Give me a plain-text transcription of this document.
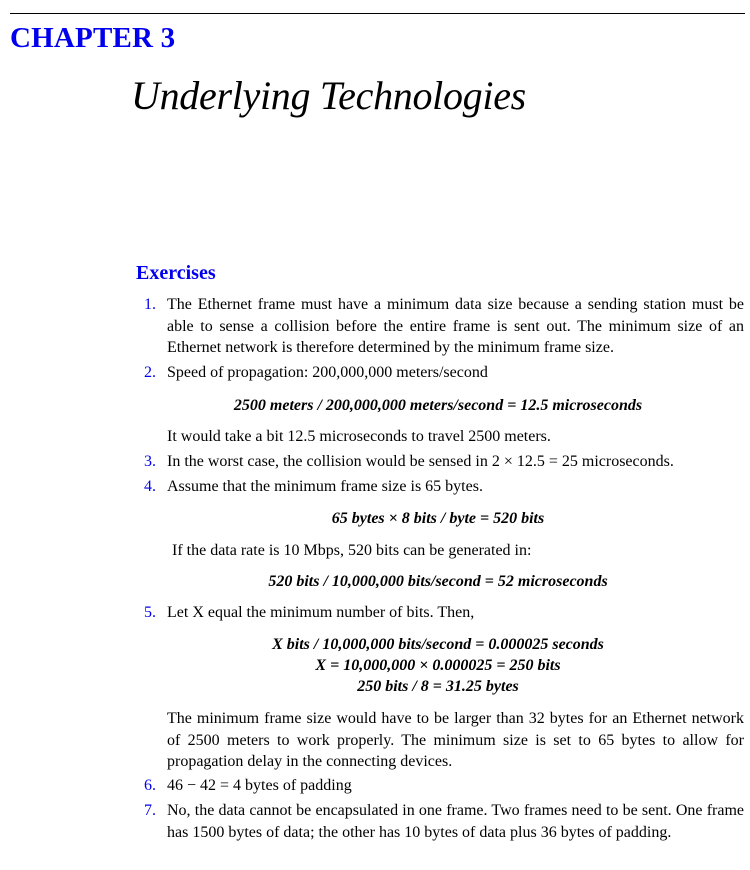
CHAPTER 3
Underlying Technologies
Exercises
1. The Ethernet frame must have a minimum data size because a sending station must be able to sense a collision before the entire frame is sent out. The minimum size of an Ethernet network is therefore determined by the minimum frame size.
2. Speed of propagation: 200,000,000 meters/second
2500 meters / 200,000,000 meters/second = 12.5 microseconds
It would take a bit 12.5 microseconds to travel 2500 meters.
3. In the worst case, the collision would be sensed in 2 × 12.5 = 25 microseconds.
4. Assume that the minimum frame size is 65 bytes.
65 bytes × 8 bits / byte = 520 bits
If the data rate is 10 Mbps, 520 bits can be generated in:
520 bits / 10,000,000 bits/second = 52 microseconds
5. Let X equal the minimum number of bits. Then,
X bits / 10,000,000 bits/second = 0.000025 seconds
X = 10,000,000 × 0.000025 = 250 bits
250 bits / 8 = 31.25 bytes
The minimum frame size would have to be larger than 32 bytes for an Ethernet network of 2500 meters to work properly. The minimum size is set to 65 bytes to allow for propagation delay in the connecting devices.
6. 46 − 42 = 4 bytes of padding
7. No, the data cannot be encapsulated in one frame. Two frames need to be sent. One frame has 1500 bytes of data; the other has 10 bytes of data plus 36 bytes of padding.
